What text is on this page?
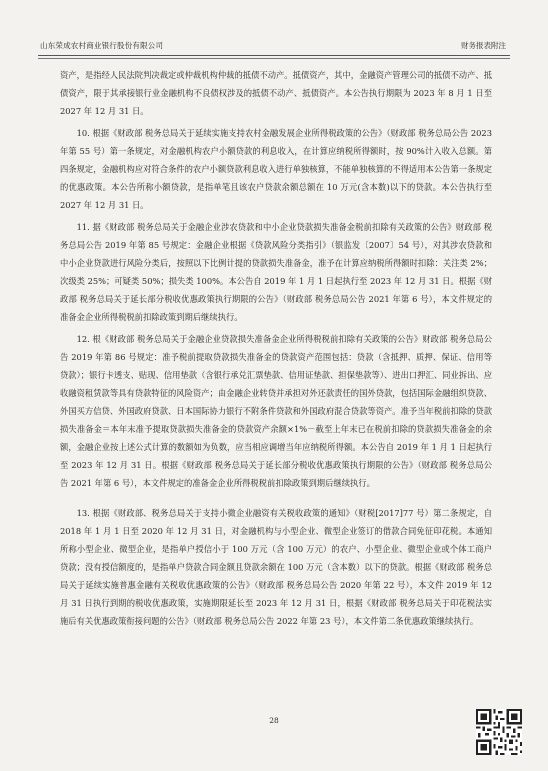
山东荣成农村商业银行股份有限公司	财务报表附注

资产，是指经人民法院判决裁定或仲裁机构仲裁的抵债不动产。抵债资产，其中，金融资产管理公司的抵债不动产、抵债资产，限于其承接银行业金融机构不良债权涉及的抵债不动产、抵债资产。本公告执行期限为 2023 年 8 月 1 日至 2027 年 12 月 31 日。

10. 根据《财政部 税务总局关于延续实施支持农村金融发展企业所得税政策的公告》（财政部 税务总局公告 2023 年第 55 号）第一条规定，对金融机构农户小额贷款的利息收入，在计算应纳税所得额时，按 90%计入收入总额。第四条规定，金融机构应对符合条件的农户小额贷款利息收入进行单独核算，不能单独核算的不得适用本公告第一条规定的优惠政策。本公告所称小额贷款，是指单笔且该农户贷款余额总额在 10 万元(含本数)以下的贷款。本公告执行至 2027 年 12 月 31 日。

11. 据《财政部 税务总局关于金融企业涉农贷款和中小企业贷款损失准备金税前扣除有关政策的公告》财政部 税务总局公告 2019 年第 85 号规定：金融企业根据《贷款风险分类指引》（银监发〔2007〕54 号），对其涉农贷款和中小企业贷款进行风险分类后，按照以下比例计提的贷款损失准备金，准予在计算应纳税所得额时扣除：关注类 2%；次级类 25%；可疑类 50%；损失类 100%。本公告自 2019 年 1 月 1 日起执行至 2023 年 12 月 31 日。根据《财政部 税务总局关于延长部分税收优惠政策执行期限的公告》（财政部 税务总局公告 2021 年第 6 号），本文件规定的准备金企业所得税税前扣除政策到期后继续执行。

12. 根《财政部 税务总局关于金融企业贷款损失准备金企业所得税税前扣除有关政策的公告》财政部 税务总局公告 2019 年第 86 号规定：准予税前提取贷款损失准备金的贷款资产范围包括：贷款（含抵押、质押、保证、信用等贷款）；银行卡透支、贴现、信用垫款（含银行承兑汇票垫款、信用证垫款、担保垫款等）、进出口押汇、同业拆出、应收融资租赁款等具有贷款特征的风险资产；由金融企业转贷并承担对外还款责任的国外贷款，包括国际金融组织贷款、外国买方信贷、外国政府贷款、日本国际协力银行不附条件贷款和外国政府混合贷款等资产。准予当年税前扣除的贷款损失准备金＝本年末准予提取贷款损失准备金的贷款资产余额×1%－截至上年末已在税前扣除的贷款损失准备金的余额，金融企业按上述公式计算的数额如为负数，应当相应调增当年应纳税所得额。本公告自 2019 年 1 月 1 日起执行至 2023 年 12 月 31 日。根据《财政部 税务总局关于延长部分税收优惠政策执行期限的公告》（财政部 税务总局公告 2021 年第 6 号），本文件规定的准备金企业所得税税前扣除政策到期后继续执行。

13. 根据《财政部、税务总局关于支持小微企业融资有关税收政策的通知》（财税[2017]77 号）第二条规定，自 2018 年 1 月 1 日至 2020 年 12 月 31 日，对金融机构与小型企业、微型企业签订的借款合同免征印花税。本通知所称小型企业、微型企业，是指单户授信小于 100 万元（含 100 万元）的农户、小型企业、微型企业或个体工商户贷款；没有授信额度的，是指单户贷款合同金额且贷款余额在 100 万元（含本数）以下的贷款。根据《财政部 税务总局关于延续实施普惠金融有关税收优惠政策的公告》（财政部 税务总局公告 2020 年第 22 号），本文件 2019 年 12 月 31 日执行到期的税收优惠政策，实施期限延长至 2023 年 12 月 31 日，根据《财政部 税务总局关于印花税法实施后有关优惠政策衔接问题的公告》（财政部 税务总局公告 2022 年第 23 号），本文件第二条优惠政策继续执行。

28
